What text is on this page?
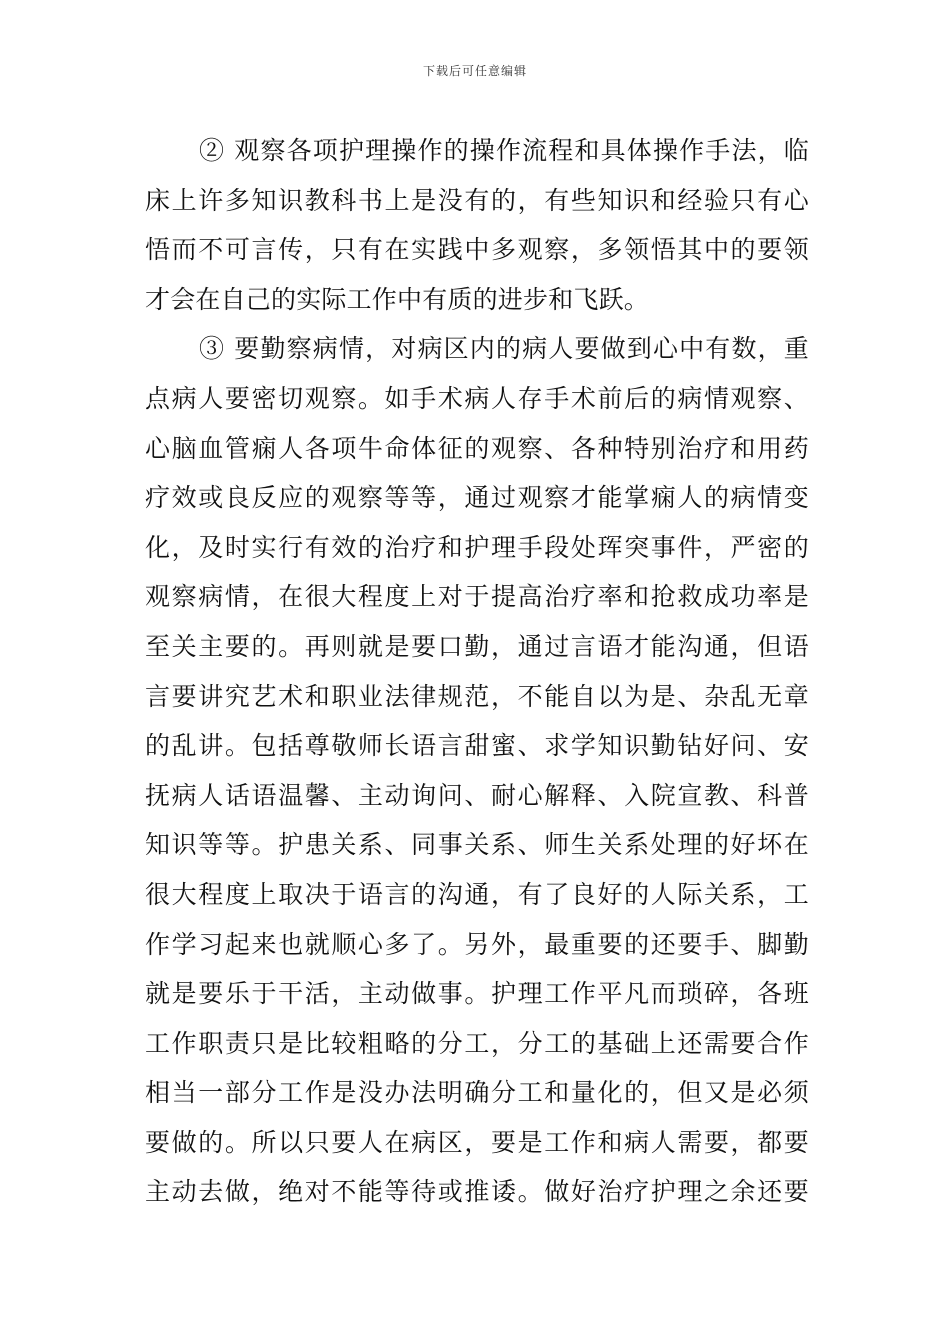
下载后可任意编辑
② 观察各项护理操作的操作流程和具体操作手法，临
床上许多知识教科书上是没有的，有些知识和经验只有心
悟而不可言传，只有在实践中多观察，多领悟其中的要领
才会在自己的实际工作中有质的进步和飞跃。
③ 要勤察病情，对病区内的病人要做到心中有数，重
点病人要密切观察。如手术病人存手术前后的病情观察、
心脑血管痫人各项牛命体征的观察、各种特别治疗和用药
疗效或良反应的观察等等，通过观察才能掌痫人的病情变
化，及时实行有效的治疗和护理手段处珲突事件，严密的
观察病情，在很大程度上对于提高治疗率和抢救成功率是
至关主要的。再则就是要口勤，通过言语才能沟通，但语
言要讲究艺术和职业法律规范，不能自以为是、杂乱无章
的乱讲。包括尊敬师长语言甜蜜、求学知识勤钻好问、安
抚病人话语温馨、主动询问、耐心解释、入院宣教、科普
知识等等。护患关系、同事关系、师生关系处理的好坏在
很大程度上取决于语言的沟通，有了良好的人际关系，工
作学习起来也就顺心多了。另外，最重要的还要手、脚勤
就是要乐于干活，主动做事。护理工作平凡而琐碎，各班
工作职责只是比较粗略的分工，分工的基础上还需要合作
相当一部分工作是没办法明确分工和量化的，但又是必须
要做的。所以只要人在病区，要是工作和病人需要，都要
主动去做，绝对不能等待或推诿。做好治疗护理之余还要
